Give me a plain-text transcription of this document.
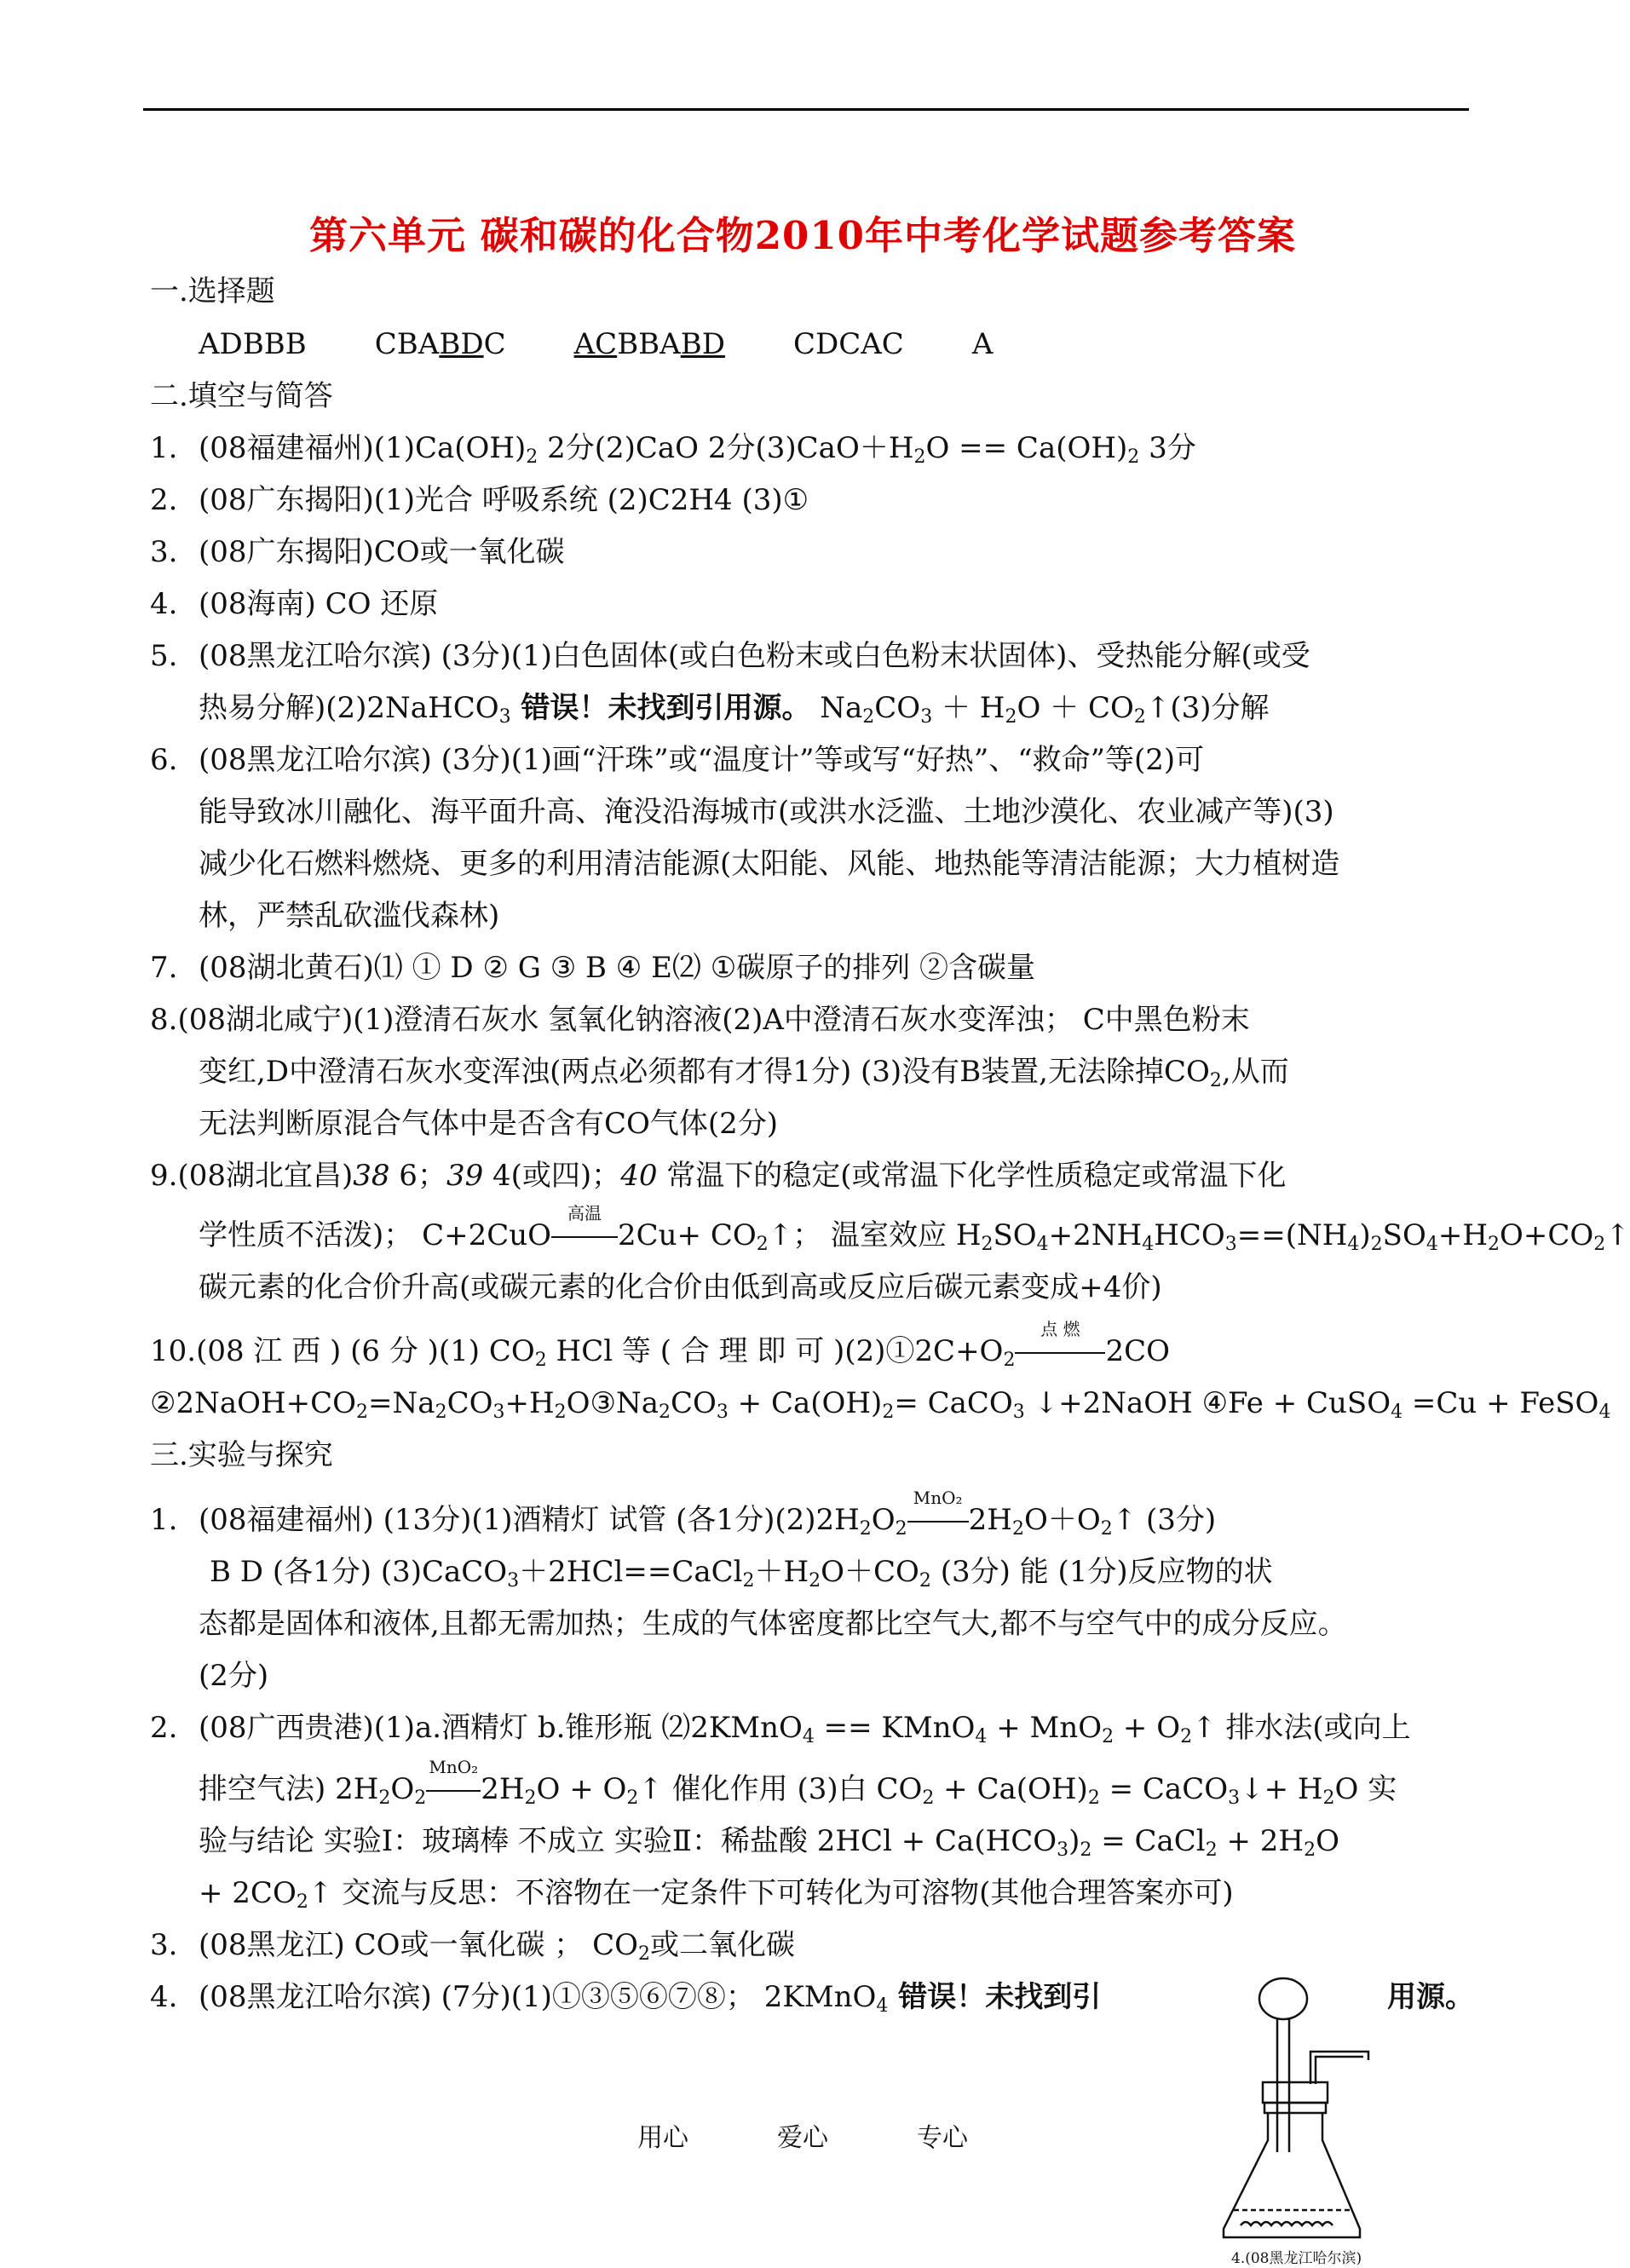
第六单元 碳和碳的化合物2010年中考化学试题参考答案
一.选择题
ADBBB CBABDC ACBBABD CDCAC A
二.填空与简答
1. (08福建福州)$(1)Ca(OH)_2$ 2分(2)CaO 2分$(3)CaO+H_2O == Ca(OH)_2$ 3分
2. (08广东揭阳)(1)光合 呼吸系统 (2)C2H4 (3)①
3. (08广东揭阳)CO或一氧化碳
4. (08海南) CO 还原
5. (08黑龙江哈尔滨) (3分)(1)白色固体(或白色粉末或白色粉末状固体)、受热能分解(或受
热易分解)(2)2NaHCO$_3$ 错误！未找到引用源。 $Na_2CO_3 + H_2O$ ＋ $CO_2↑(3)$分解
6. (08黑龙江哈尔滨) (3分)(1)画“汗珠”或“温度计”等或写“好热”、“救命”等(2)可
能导致冰川融化、海平面升高、淹没沿海城市(或洪水泛滥、土地沙漠化、农业减产等)(3)
减少化石燃料燃烧、更多的利用清洁能源(太阳能、风能、地热能等清洁能源；大力植树造
林，严禁乱砍滥伐森林)
7. (08湖北黄石)⑴ ① D ② G ③ B ④ E⑵ ①碳原子的排列 ②含碳量
8.(08湖北咸宁)(1)澄清石灰水 氢氧化钠溶液(2)A中澄清石灰水变浑浊； C中黑色粉末
变红,D中澄清石灰水变浑浊(两点必须都有才得1分) (3)没有B装置,无法除掉$CO_2$,从而
无法判断原混合气体中是否含有CO气体(2分)
9.(08湖北宜昌)38 6；39 4(或四)；40 常温下的稳定(或常温下化学性质稳定或常温下化
学性质不活泼)； C+2CuO
高温
$2Cu+ CO_2↑$； 温室效应 $H_2SO_4+2NH_4HCO_3==(NH_4)_2SO_4+H_2O+CO_2↑$
碳元素的化合价升高(或碳元素的化合价由低到高或反应后碳元素变成+4价)
10.(08 江 西 ) (6 分 )(1) $CO_2$ HCl 等 ( 合 理 即 可 )$(2)①2C+O_2$
点 燃
2CO
$②2NaOH+CO_2=Na_2CO_3+H_2O③Na_2CO_3 + Ca(OH)_2=$ CaCO$_3$ ↓+2NaOH ④Fe + CuSO$_4$ =Cu + FeSO$_4$
三.实验与探究
1. (08福建福州) (13分)(1)酒精灯 试管 (各1分)$(2)2H_2O_2$
MnO₂
$2H_2O+O_2↑$ (3分)
B D (各1分) $(3)CaCO_3+2HCl==CaCl_2+H_2O+CO_2$ (3分) 能 (1分)反应物的状
态都是固体和液体,且都无需加热；生成的气体密度都比空气大,都不与空气中的成分反应。
(2分)
2. (08广西贵港)(1)a.酒精灯 b.锥形瓶 ⑵2KMnO$_4$ == KMnO$_4$ + $MnO_2 + O_2↑$ 排水法(或向上
排空气法) $2H_2O_2$
MnO₂
$2H_2O$ + $O_2↑$ 催化作用 (3)白 $CO_2 + Ca(OH)_2$ = CaCO$_3$↓+ $H_2O$ 实
验与结论 实验Ⅰ：玻璃棒 不成立 实验Ⅱ：稀盐酸 $2HCl + Ca(HCO_3)_2$ = CaCl$_2$ + $2H_2O$
+ $2CO_2↑$ 交流与反思：不溶物在一定条件下可转化为可溶物(其他合理答案亦可)
3. (08黑龙江) CO或一氧化碳 ； $CO_2$或二氧化碳
4. (08黑龙江哈尔滨) (7分)(1)①③⑤⑥⑦⑧； 2KMnO$_4$ 错误！未找到引	用源。
用心	爱心	专心
4.(08黑龙江哈尔滨)
